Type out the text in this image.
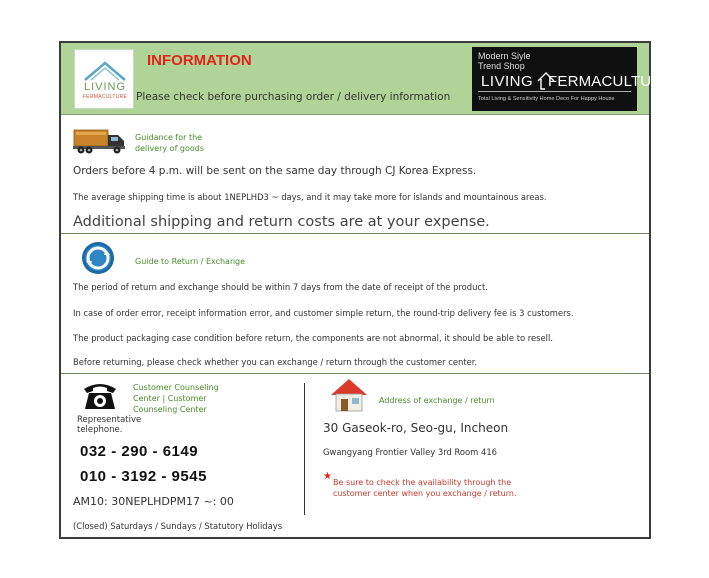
LIVING
FERMACULTURE
INFORMATION
Please check before purchasing order / delivery information
Modern Siyle
Trend Shop
LIVING FERMACULTURE
Total Living & Sensitivity Home Deco For Happy House
Guidance for the
delivery of goods
Orders before 4 p.m. will be sent on the same day through CJ Korea Express.
The average shipping time is about 1NEPLHD3 ~ days, and it may take more for islands and mountainous areas.
Additional shipping and return costs are at your expense.
Guide to Return / Exchange
The period of return and exchange should be within 7 days from the date of receipt of the product.
In case of order error, receipt information error, and customer simple return, the round-trip delivery fee is 3 customers.
The product packaging case condition before return, the components are not abnormal, it should be able to resell.
Before returning, please check whether you can exchange / return through the customer center.
Customer Counseling
Center | Customer
Counseling Center
Representative
telephone.
032 - 290 - 6149
010 - 3192 - 9545
AM10: 30NEPLHDPM17 ~: 00
(Closed) Saturdays / Sundays / Statutory Holidays
Address of exchange / return
30 Gaseok-ro, Seo-gu, Incheon
Gwangyang Frontier Valley 3rd Room 416
★
Be sure to check the availability through the
customer center when you exchange / return.
